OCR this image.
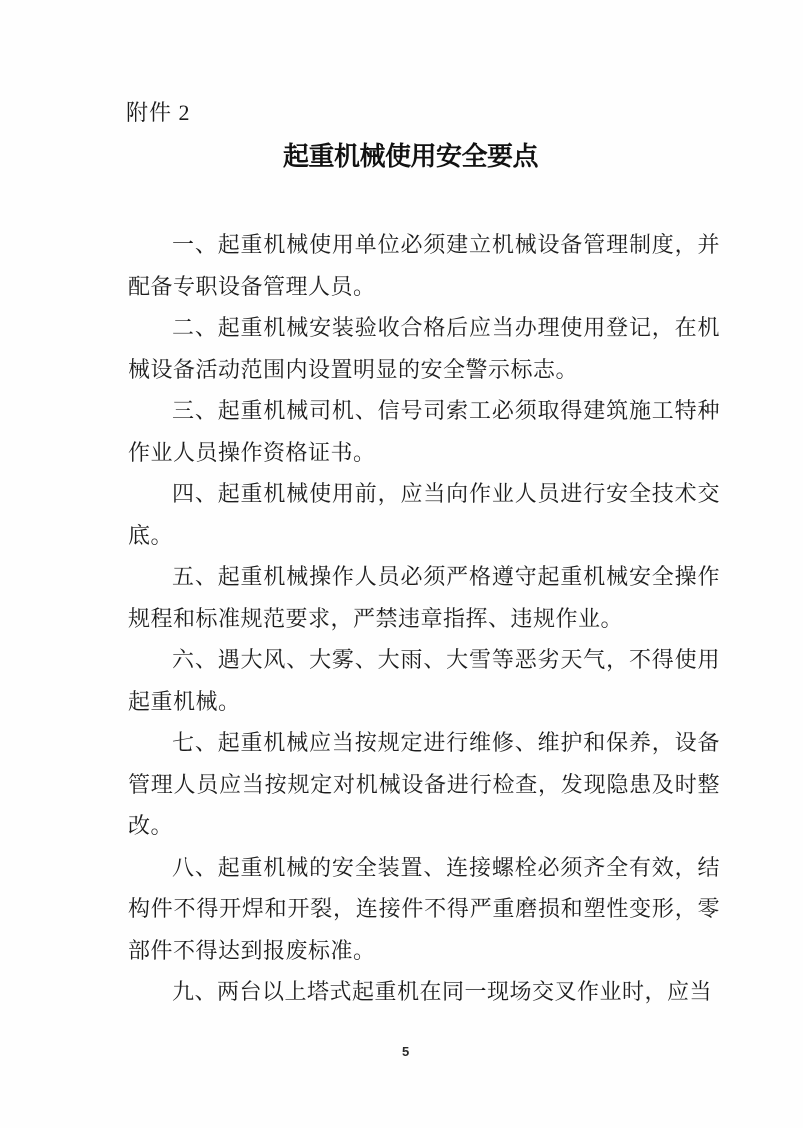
附件 2
起重机械使用安全要点

一、起重机械使用单位必须建立机械设备管理制度，并配备专职设备管理人员。

二、起重机械安装验收合格后应当办理使用登记，在机械设备活动范围内设置明显的安全警示标志。

三、起重机械司机、信号司索工必须取得建筑施工特种作业人员操作资格证书。

四、起重机械使用前，应当向作业人员进行安全技术交底。

五、起重机械操作人员必须严格遵守起重机械安全操作规程和标准规范要求，严禁违章指挥、违规作业。

六、遇大风、大雾、大雨、大雪等恶劣天气，不得使用起重机械。

七、起重机械应当按规定进行维修、维护和保养，设备管理人员应当按规定对机械设备进行检查，发现隐患及时整改。

八、起重机械的安全装置、连接螺栓必须齐全有效，结构件不得开焊和开裂，连接件不得严重磨损和塑性变形，零部件不得达到报废标准。

九、两台以上塔式起重机在同一现场交叉作业时，应当

5
